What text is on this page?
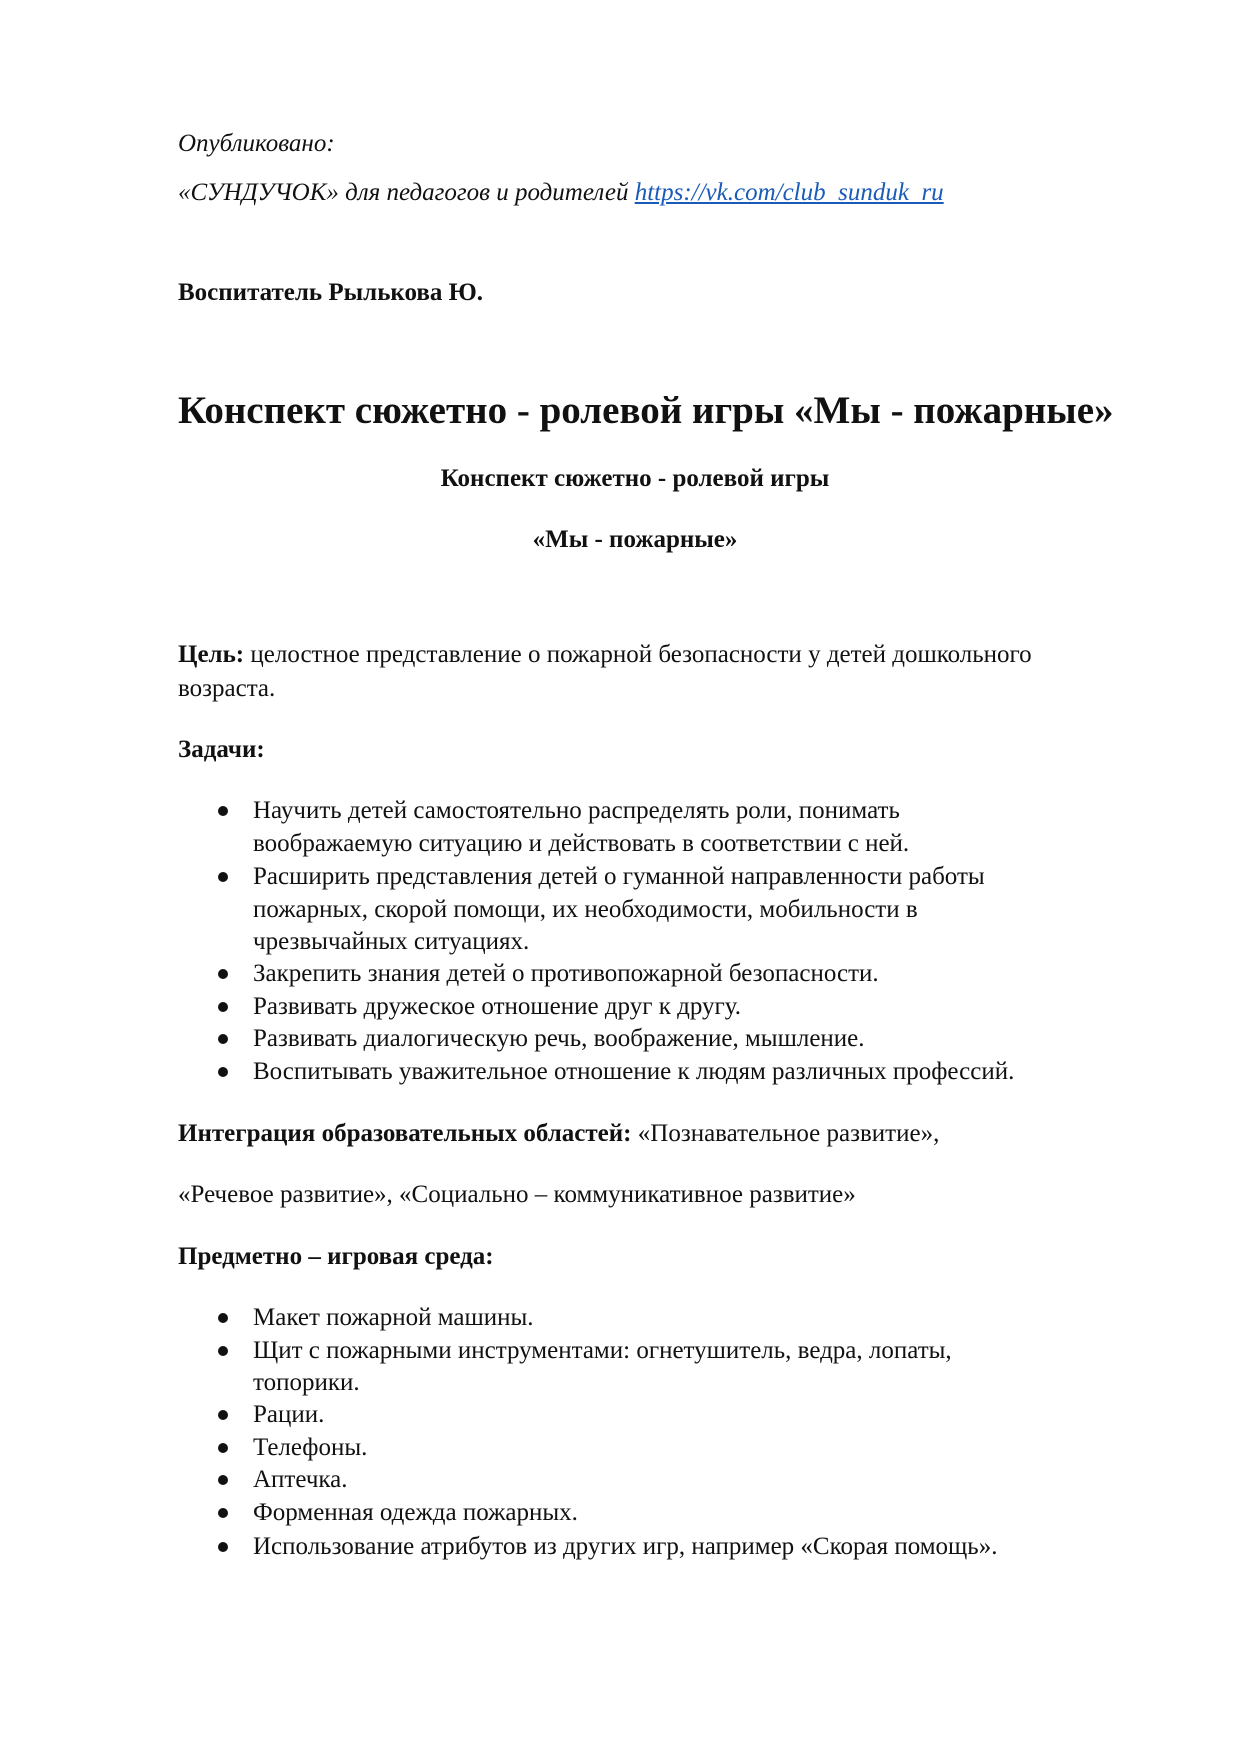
Опубликовано:
«СУНДУЧОК» для педагогов и родителей https://vk.com/club_sunduk_ru
Воспитатель Рылькова Ю.
Конспект сюжетно - ролевой игры «Мы - пожарные»
Конспект сюжетно - ролевой игры
«Мы - пожарные»
Цель: целостное представление о пожарной безопасности у детей дошкольного
возраста.
Задачи:
Научить детей самостоятельно распределять роли, понимать
воображаемую ситуацию и действовать в соответствии с ней.
Расширить представления детей о гуманной направленности работы
пожарных, скорой помощи, их необходимости, мобильности в
чрезвычайных ситуациях.
Закрепить знания детей о противопожарной безопасности.
Развивать дружеское отношение друг к другу.
Развивать диалогическую речь, воображение, мышление.
Воспитывать уважительное отношение к людям различных профессий.
Интеграция образовательных областей: «Познавательное развитие»,
«Речевое развитие», «Социально – коммуникативное развитие»
Предметно – игровая среда:
Макет пожарной машины.
Щит с пожарными инструментами: огнетушитель, ведра, лопаты,
топорики.
Рации.
Телефоны.
Аптечка.
Форменная одежда пожарных.
Использование атрибутов из других игр, например «Скорая помощь».
